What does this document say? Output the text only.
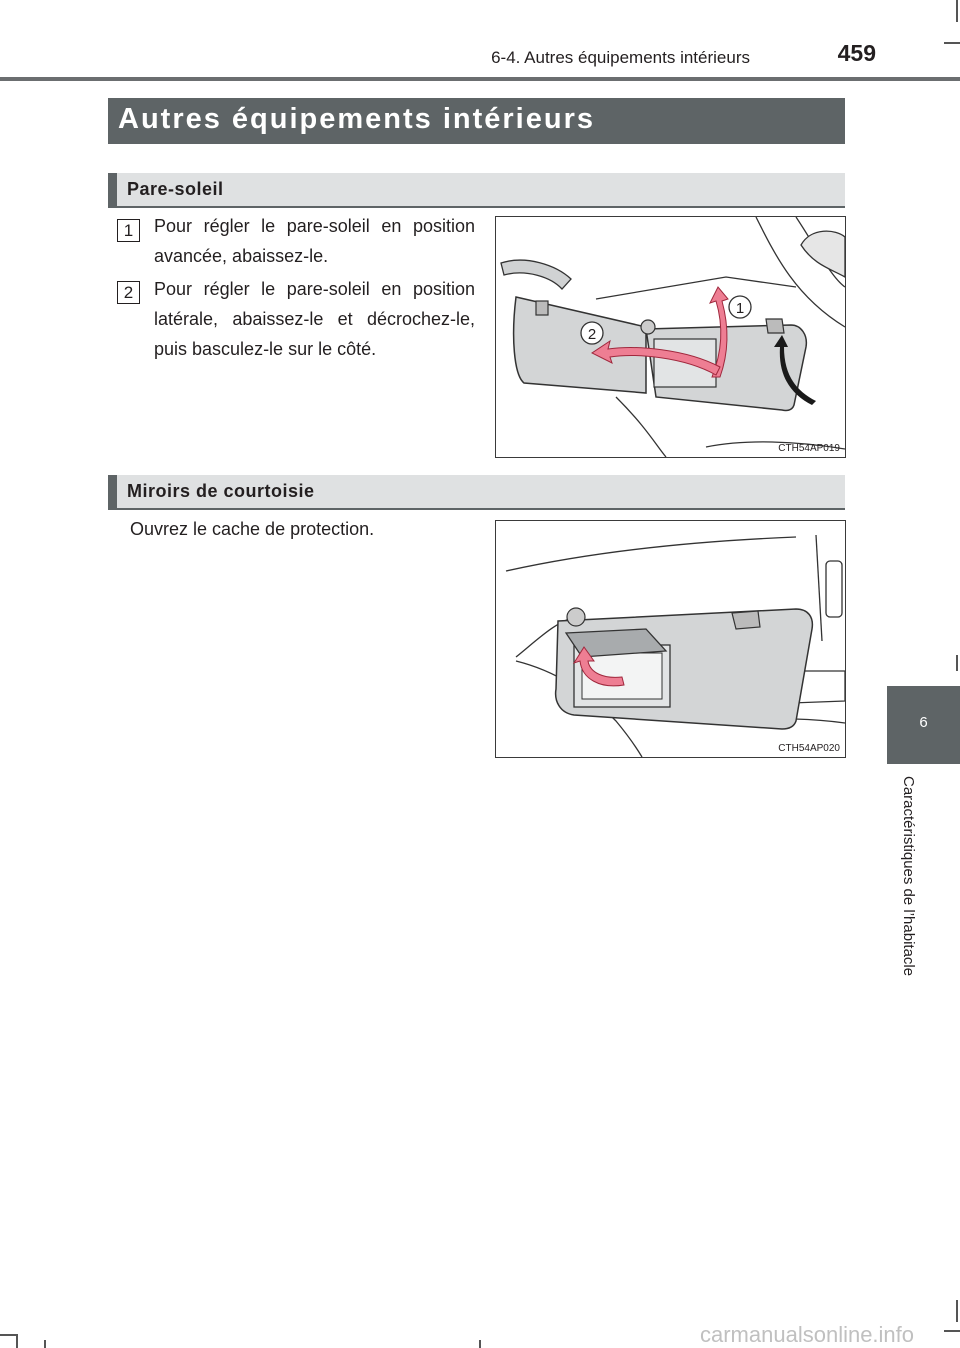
6-4. Autres équipements intérieurs	459
Autres équipements intérieurs
Pare-soleil
1	Pour régler le pare-soleil en position avancée, abaissez-le.
2	Pour régler le pare-soleil en position latérale, abaissez-le et décrochez-le, puis basculez-le sur le côté.
1
2
CTH54AP019
Miroirs de courtoisie
Ouvrez le cache de protection.
CTH54AP020
6
Caractéristiques de l’habitacle
carmanualsonline.info
